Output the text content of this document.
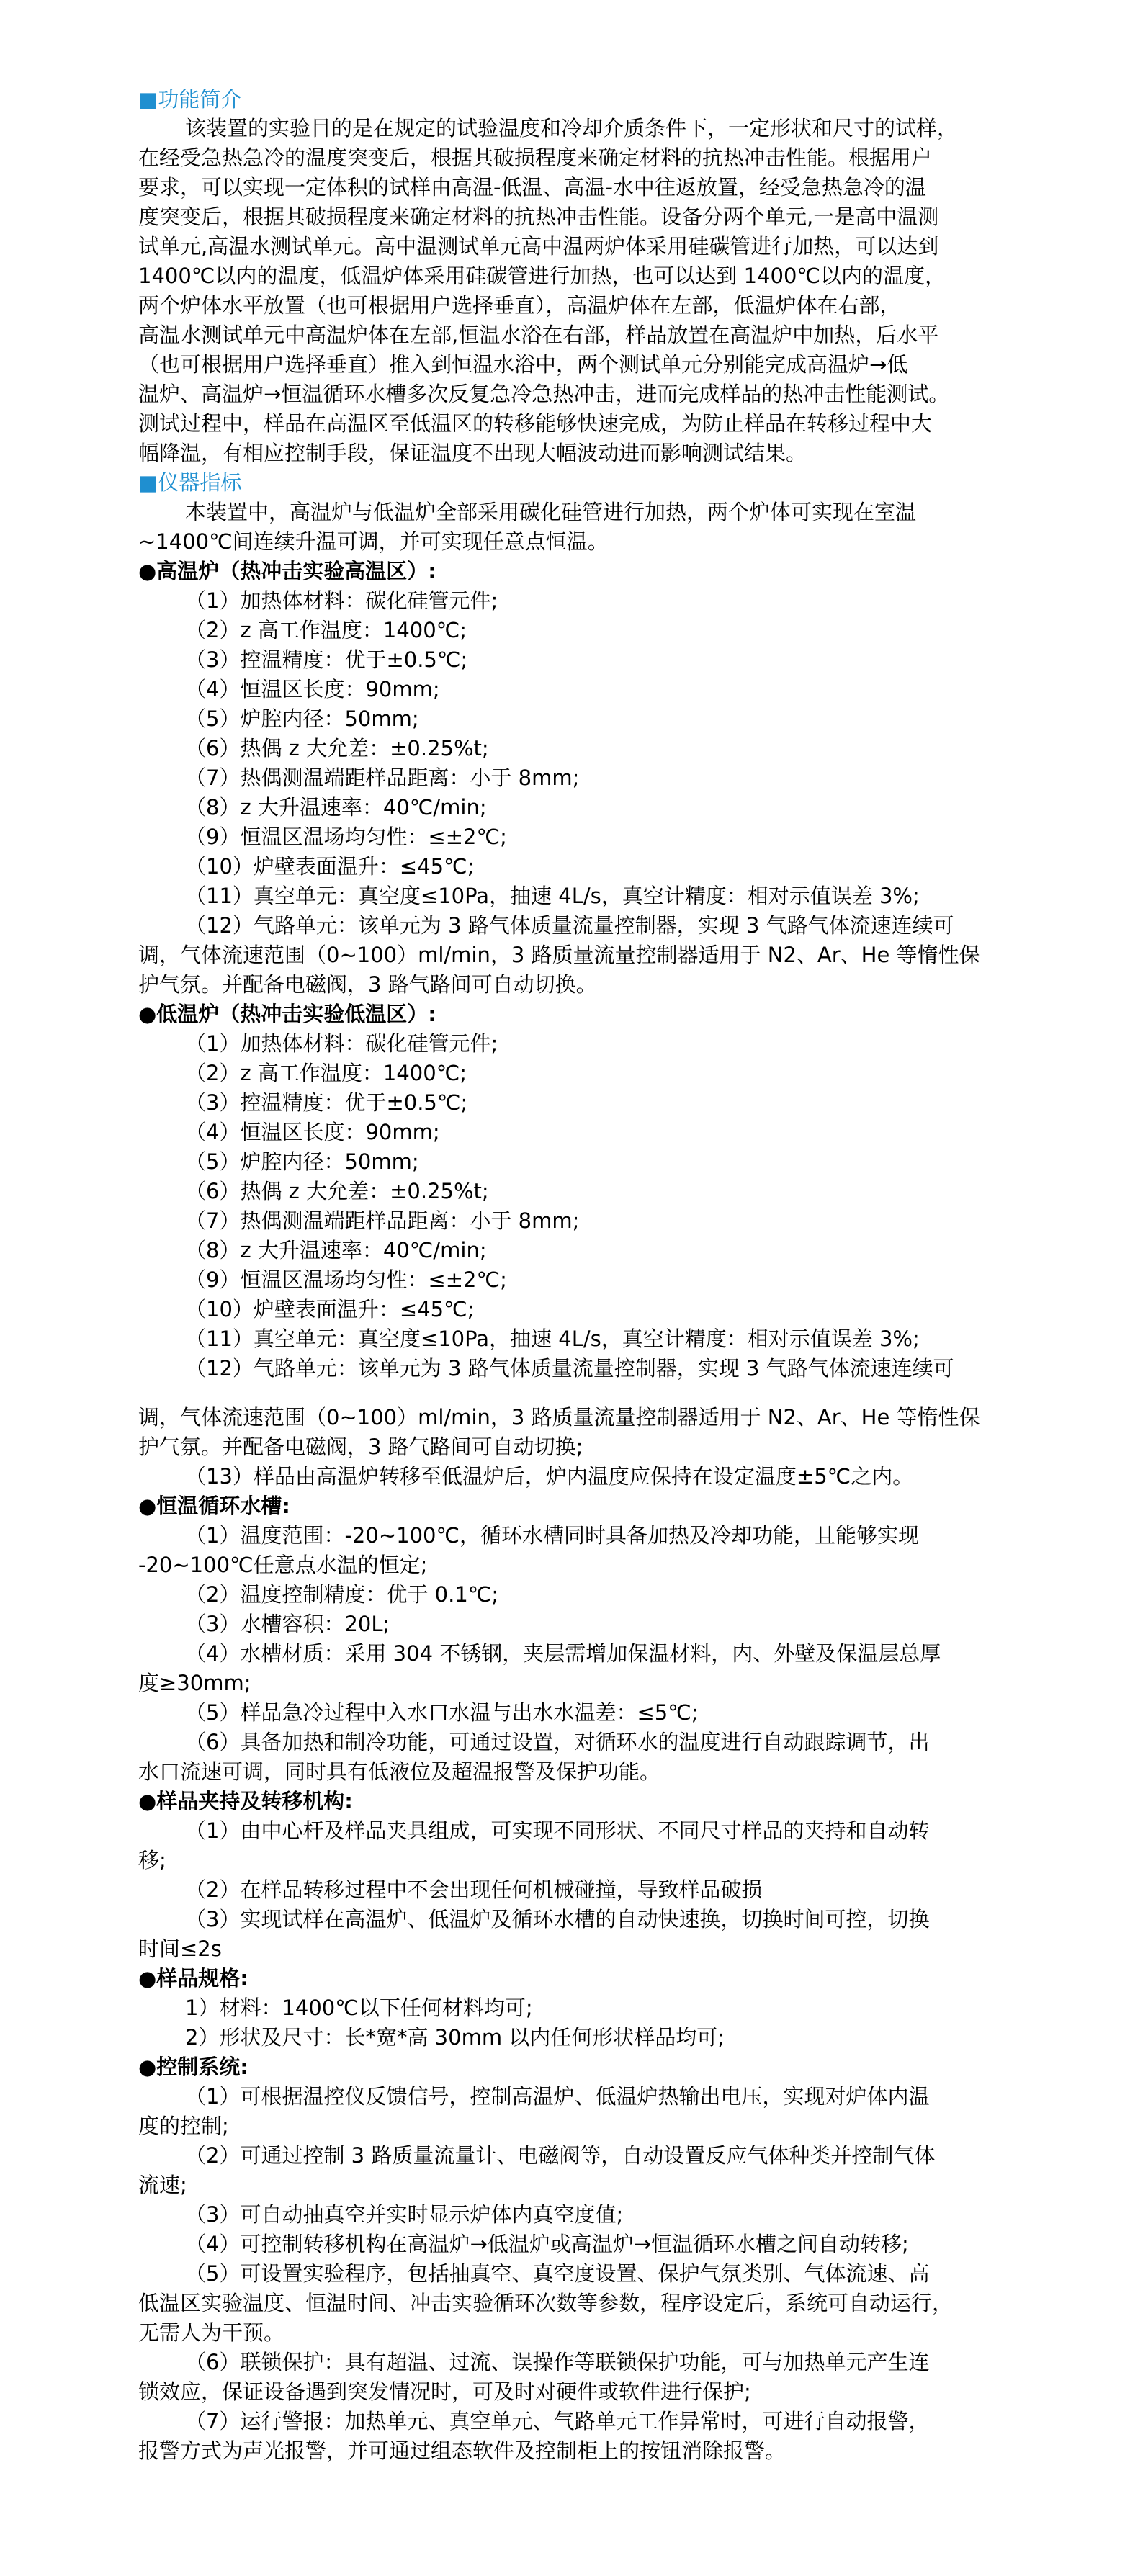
■功能简介
该装置的实验目的是在规定的试验温度和冷却介质条件下，一定形状和尺寸的试样，
在经受急热急冷的温度突变后，根据其破损程度来确定材料的抗热冲击性能。根据用户
要求，可以实现一定体积的试样由高温-低温、高温-水中往返放置，经受急热急冷的温
度突变后，根据其破损程度来确定材料的抗热冲击性能。设备分两个单元,一是高中温测
试单元,高温水测试单元。高中温测试单元高中温两炉体采用硅碳管进行加热，可以达到
1400℃以内的温度，低温炉体采用硅碳管进行加热，也可以达到 1400℃以内的温度，
两个炉体水平放置（也可根据用户选择垂直），高温炉体在左部，低温炉体在右部，
高温水测试单元中高温炉体在左部,恒温水浴在右部，样品放置在高温炉中加热，后水平
（也可根据用户选择垂直）推入到恒温水浴中，两个测试单元分别能完成高温炉→低
温炉、高温炉→恒温循环水槽多次反复急冷急热冲击，进而完成样品的热冲击性能测试。
测试过程中，样品在高温区至低温区的转移能够快速完成，为防止样品在转移过程中大
幅降温，有相应控制手段，保证温度不出现大幅波动进而影响测试结果。
■仪器指标
本装置中，高温炉与低温炉全部采用碳化硅管进行加热，两个炉体可实现在室温
~1400℃间连续升温可调，并可实现任意点恒温。
●高温炉（热冲击实验高温区）:
（1）加热体材料：碳化硅管元件;
（2）z 高工作温度：1400℃;
（3）控温精度：优于±0.5℃;
（4）恒温区长度：90mm;
（5）炉腔内径：50mm;
（6）热偶 z 大允差：±0.25%t;
（7）热偶测温端距样品距离：小于 8mm;
（8）z 大升温速率：40℃/min;
（9）恒温区温场均匀性：≤±2℃;
（10）炉壁表面温升：≤45℃;
（11）真空单元：真空度≤10Pa，抽速 4L/s，真空计精度：相对示值误差 3%;
（12）气路单元：该单元为 3 路气体质量流量控制器，实现 3 气路气体流速连续可
调，气体流速范围（0~100）ml/min，3 路质量流量控制器适用于 N2、Ar、He 等惰性保
护气氛。并配备电磁阀，3 路气路间可自动切换。
●低温炉（热冲击实验低温区）:
（1）加热体材料：碳化硅管元件;
（2）z 高工作温度：1400℃;
（3）控温精度：优于±0.5℃;
（4）恒温区长度：90mm;
（5）炉腔内径：50mm;
（6）热偶 z 大允差：±0.25%t;
（7）热偶测温端距样品距离：小于 8mm;
（8）z 大升温速率：40℃/min;
（9）恒温区温场均匀性：≤±2℃;
（10）炉壁表面温升：≤45℃;
（11）真空单元：真空度≤10Pa，抽速 4L/s，真空计精度：相对示值误差 3%;
（12）气路单元：该单元为 3 路气体质量流量控制器，实现 3 气路气体流速连续可
调，气体流速范围（0~100）ml/min，3 路质量流量控制器适用于 N2、Ar、He 等惰性保
护气氛。并配备电磁阀，3 路气路间可自动切换;
（13）样品由高温炉转移至低温炉后，炉内温度应保持在设定温度±5℃之内。
●恒温循环水槽:
（1）温度范围：-20~100℃，循环水槽同时具备加热及冷却功能，且能够实现
-20~100℃任意点水温的恒定;
（2）温度控制精度：优于 0.1℃;
（3）水槽容积：20L;
（4）水槽材质：采用 304 不锈钢，夹层需增加保温材料，内、外壁及保温层总厚
度≥30mm;
（5）样品急冷过程中入水口水温与出水水温差：≤5℃;
（6）具备加热和制冷功能，可通过设置，对循环水的温度进行自动跟踪调节，出
水口流速可调，同时具有低液位及超温报警及保护功能。
●样品夹持及转移机构:
（1）由中心杆及样品夹具组成，可实现不同形状、不同尺寸样品的夹持和自动转
移;
（2）在样品转移过程中不会出现任何机械碰撞，导致样品破损
（3）实现试样在高温炉、低温炉及循环水槽的自动快速换，切换时间可控，切换
时间≤2s
●样品规格:
1）材料：1400℃以下任何材料均可;
2）形状及尺寸：长*宽*高 30mm 以内任何形状样品均可;
●控制系统:
（1）可根据温控仪反馈信号，控制高温炉、低温炉热输出电压，实现对炉体内温
度的控制;
（2）可通过控制 3 路质量流量计、电磁阀等，自动设置反应气体种类并控制气体
流速;
（3）可自动抽真空并实时显示炉体内真空度值;
（4）可控制转移机构在高温炉→低温炉或高温炉→恒温循环水槽之间自动转移;
（5）可设置实验程序，包括抽真空、真空度设置、保护气氛类别、气体流速、高
低温区实验温度、恒温时间、冲击实验循环次数等参数，程序设定后，系统可自动运行，
无需人为干预。
（6）联锁保护：具有超温、过流、误操作等联锁保护功能，可与加热单元产生连
锁效应，保证设备遇到突发情况时，可及时对硬件或软件进行保护;
（7）运行警报：加热单元、真空单元、气路单元工作异常时，可进行自动报警，
报警方式为声光报警，并可通过组态软件及控制柜上的按钮消除报警。
